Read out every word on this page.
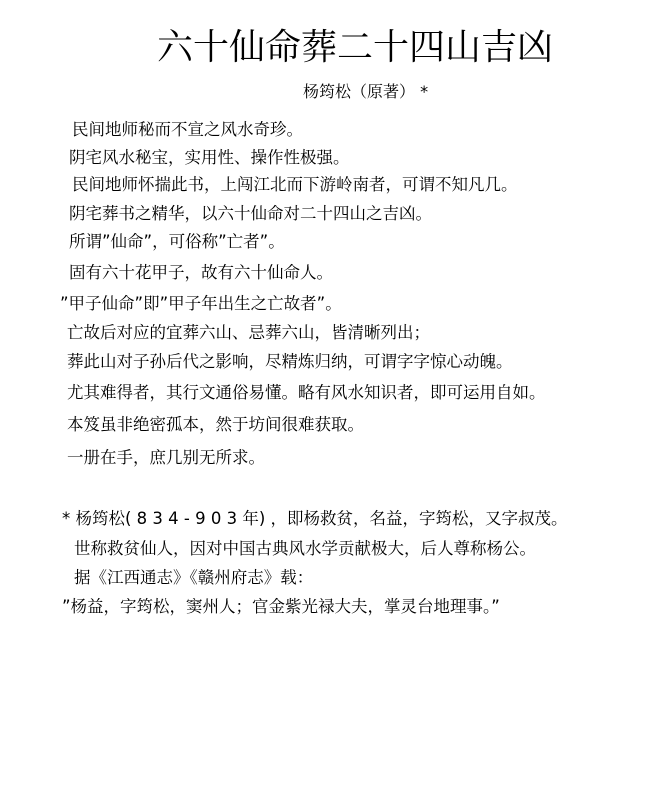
六十仙命葬二十四山吉凶
杨筠松（原著） *
民间地师秘而不宣之风水奇珍。
阴宅风水秘宝，实用性、操作性极强。
民间地师怀揣此书，上闯江北而下游岭南者，可谓不知凡几。
阴宅葬书之精华，以六十仙命对二十四山之吉凶。
所谓”仙命”，可俗称”亡者”。
固有六十花甲子，故有六十仙命人。
”甲子仙命”即”甲子年出生之亡故者”。
亡故后对应的宜葬六山、忌葬六山，皆清晰列出；
葬此山对子孙后代之影响，尽精炼归纳，可谓字字惊心动魄。
尤其难得者，其行文通俗易懂。略有风水知识者，即可运用自如。
本笈虽非绝密孤本，然于坊间很难获取。
一册在手，庶几别无所求。
* 杨筠松( 8 3 4 - 9 0 3 年) ，即杨救贫，名益，字筠松，又字叔茂。
世称救贫仙人，因对中国古典风水学贡献极大，后人尊称杨公。
据《江西通志》《赣州府志》载：
”杨益，字筠松，窦州人；官金紫光禄大夫，掌灵台地理事。”
